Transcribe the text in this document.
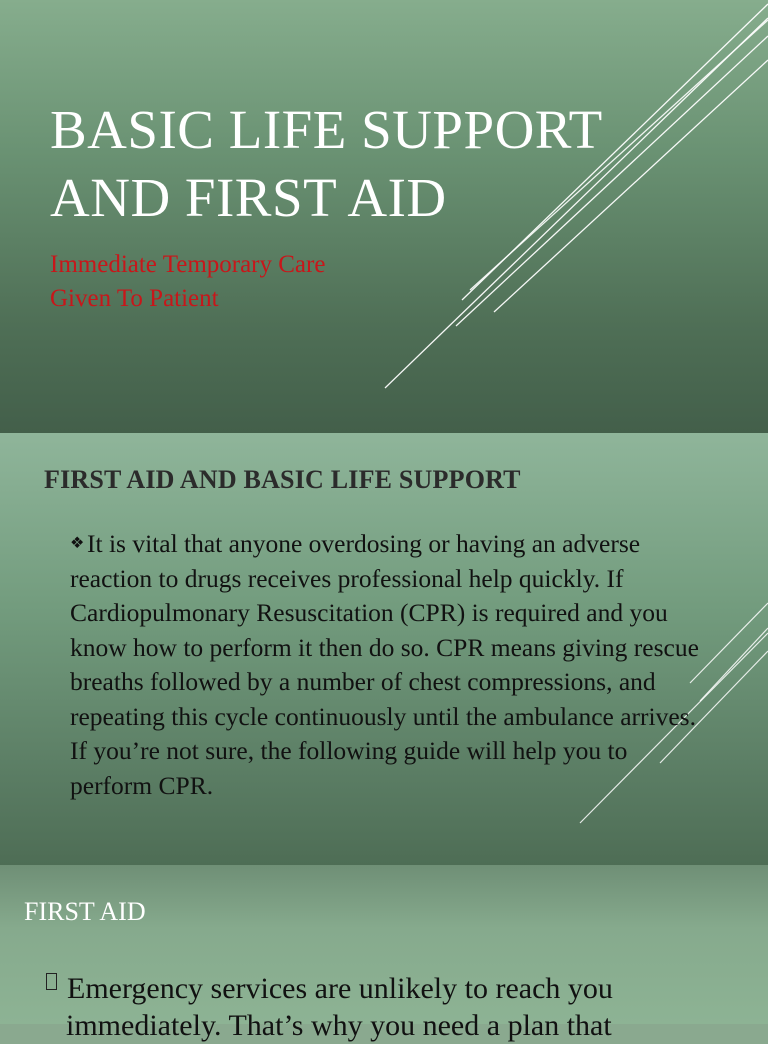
BASIC LIFE SUPPORT
AND FIRST AID

Immediate Temporary Care
Given To Patient

FIRST AID AND BASIC LIFE SUPPORT

❖ It is vital that anyone overdosing or having an adverse reaction to drugs receives professional help quickly. If Cardiopulmonary Resuscitation (CPR) is required and you know how to perform it then do so. CPR means giving rescue breaths followed by a number of chest compressions, and repeating this cycle continuously until the ambulance arrives. If you’re not sure, the following guide will help you to perform CPR.

FIRST AID

Emergency services are unlikely to reach you
immediately. That’s why you need a plan that
